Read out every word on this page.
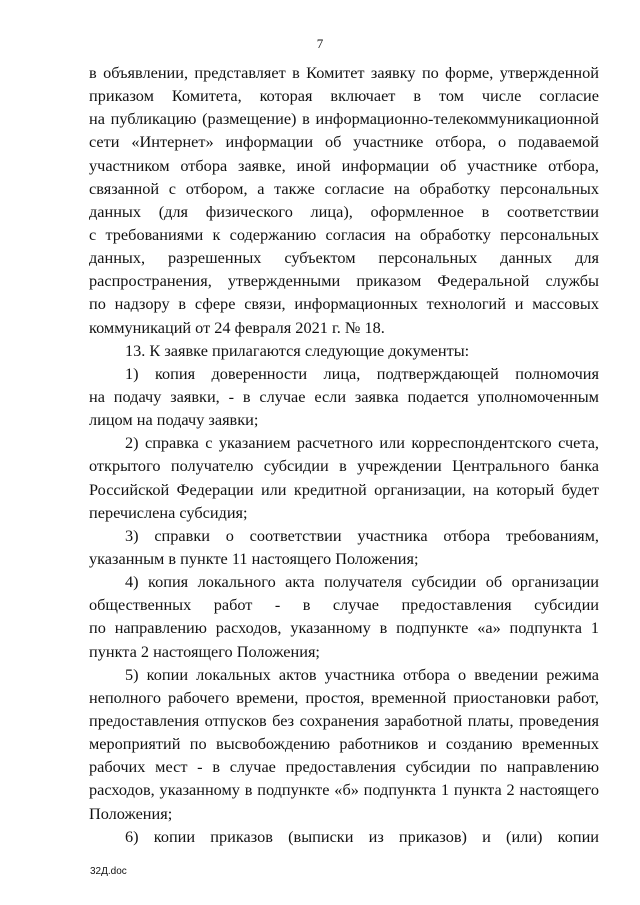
7
в объявлении, представляет в Комитет заявку по форме, утвержденной
приказом Комитета, которая включает в том числе согласие
на публикацию (размещение) в информационно-телекоммуникационной
сети «Интернет» информации об участнике отбора, о подаваемой
участником отбора заявке, иной информации об участнике отбора,
связанной с отбором, а также согласие на обработку персональных
данных (для физического лица), оформленное в соответствии
с требованиями к содержанию согласия на обработку персональных
данных, разрешенных субъектом персональных данных для
распространения, утвержденными приказом Федеральной службы
по надзору в сфере связи, информационных технологий и массовых
коммуникаций от 24 февраля 2021 г. № 18.
13. К заявке прилагаются следующие документы:
1) копия доверенности лица, подтверждающей полномочия
на подачу заявки, - в случае если заявка подается уполномоченным
лицом на подачу заявки;
2) справка с указанием расчетного или корреспондентского счета,
открытого получателю субсидии в учреждении Центрального банка
Российской Федерации или кредитной организации, на который будет
перечислена субсидия;
3) справки о соответствии участника отбора требованиям,
указанным в пункте 11 настоящего Положения;
4) копия локального акта получателя субсидии об организации
общественных работ - в случае предоставления субсидии
по направлению расходов, указанному в подпункте «а» подпункта 1
пункта 2 настоящего Положения;
5) копии локальных актов участника отбора о введении режима
неполного рабочего времени, простоя, временной приостановки работ,
предоставления отпусков без сохранения заработной платы, проведения
мероприятий по высвобождению работников и созданию временных
рабочих мест - в случае предоставления субсидии по направлению
расходов, указанному в подпункте «б» подпункта 1 пункта 2 настоящего
Положения;
6) копии приказов (выписки из приказов) и (или) копии
32Д.doc
